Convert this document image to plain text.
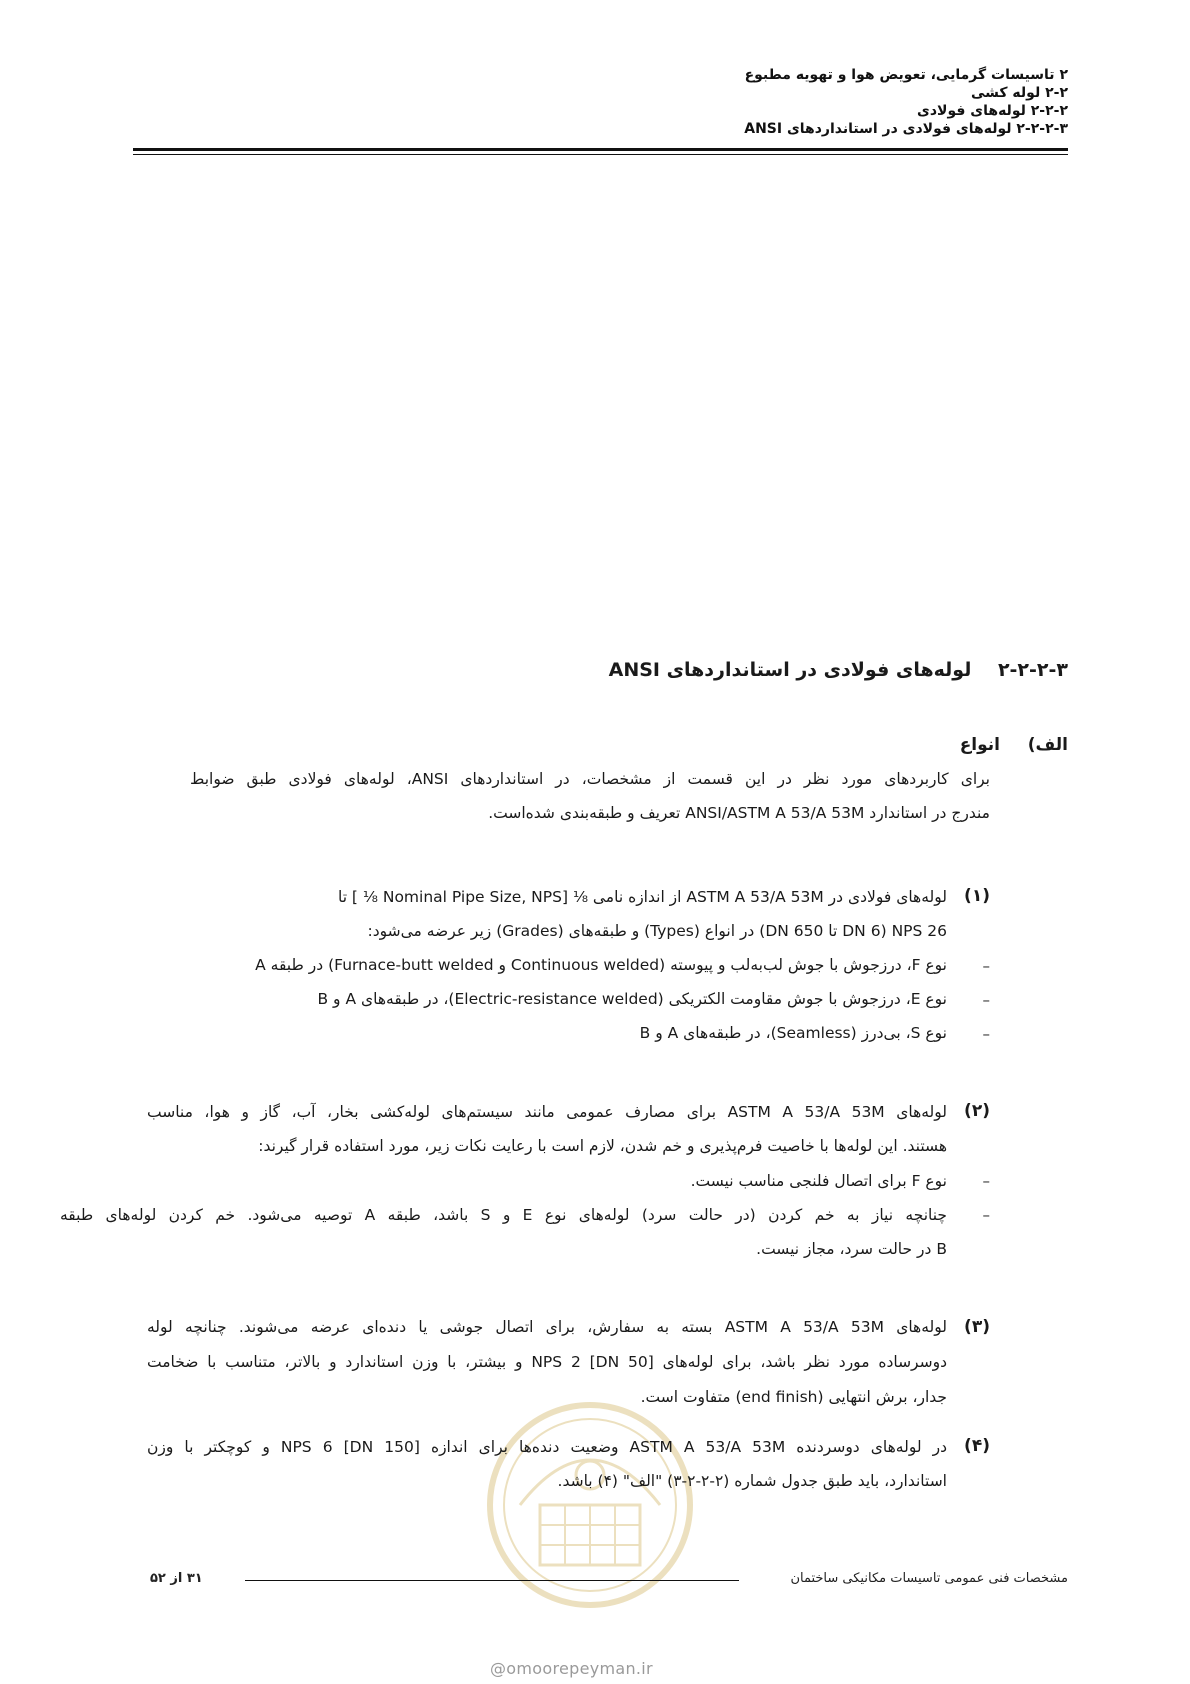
۲ تاسیسات گرمایی، تعویض هوا و تهویه مطبوع
۲-۲ لوله کشی
۲-۲-۲ لوله‌های فولادی
۲-۲-۲-۳ لوله‌های فولادی در استانداردهای ANSI
۲-۲-۲-۳ لوله‌های فولادی در استانداردهای ANSI
الف)
انواع
برای کاربردهای مورد نظر در این قسمت از مشخصات، در استانداردهای ANSI، لوله‌های فولادی طبق ضوابط
مندرج در استاندارد ANSI/ASTM A 53/A 53M تعریف و طبقه‌بندی شده‌است.
(۱)
لوله‌های فولادی در ASTM A 53/A 53M از اندازه نامی ⅛ [Nominal Pipe Size, NPS ⅛ ] تا
NPS 26 (DN 6 تا DN 650) در انواع (Types) و طبقه‌های (Grades) زیر عرضه می‌شود:
–
نوع F، درزجوش با جوش لب‌به‌لب و پیوسته (Continuous welded و Furnace-butt welded) در طبقه A
–
نوع E، درزجوش با جوش مقاومت الکتریکی (Electric-resistance welded)، در طبقه‌های A و B
–
نوع S، بی‌درز (Seamless)، در طبقه‌های A و B
(۲)
لوله‌های ASTM A 53/A 53M برای مصارف عمومی مانند سیستم‌های لوله‌کشی بخار، آب، گاز و هوا، مناسب
هستند. این لوله‌ها با خاصیت فرم‌پذیری و خم شدن، لازم است با رعایت نکات زیر، مورد استفاده قرار گیرند:
–
نوع F برای اتصال فلنجی مناسب نیست.
–
چنانچه نیاز به خم کردن (در حالت سرد) لوله‌های نوع E و S باشد، طبقه A توصیه می‌شود. خم کردن لوله‌های طبقه
B در حالت سرد، مجاز نیست.
(۳)
لوله‌های ASTM A 53/A 53M بسته به سفارش، برای اتصال جوشی یا دنده‌ای عرضه می‌شوند. چنانچه لوله
دوسرساده مورد نظر باشد، برای لوله‌های NPS 2 [DN 50] و بیشتر، با وزن استاندارد و بالاتر، متناسب با ضخامت
جدار، برش انتهایی (end finish) متفاوت است.
(۴)
در لوله‌های دوسردنده ASTM A 53/A 53M وضعیت دنده‌ها برای اندازه NPS 6 [DN 150] و کوچکتر با وزن
استاندارد، باید طبق جدول شماره (۲-۲-۲-۳) "الف" (۴) باشد.
مشخصات فنی عمومی تاسیسات مکانیکی ساختمان
۳۱ از ۵۲
@omoorepeyman.ir
